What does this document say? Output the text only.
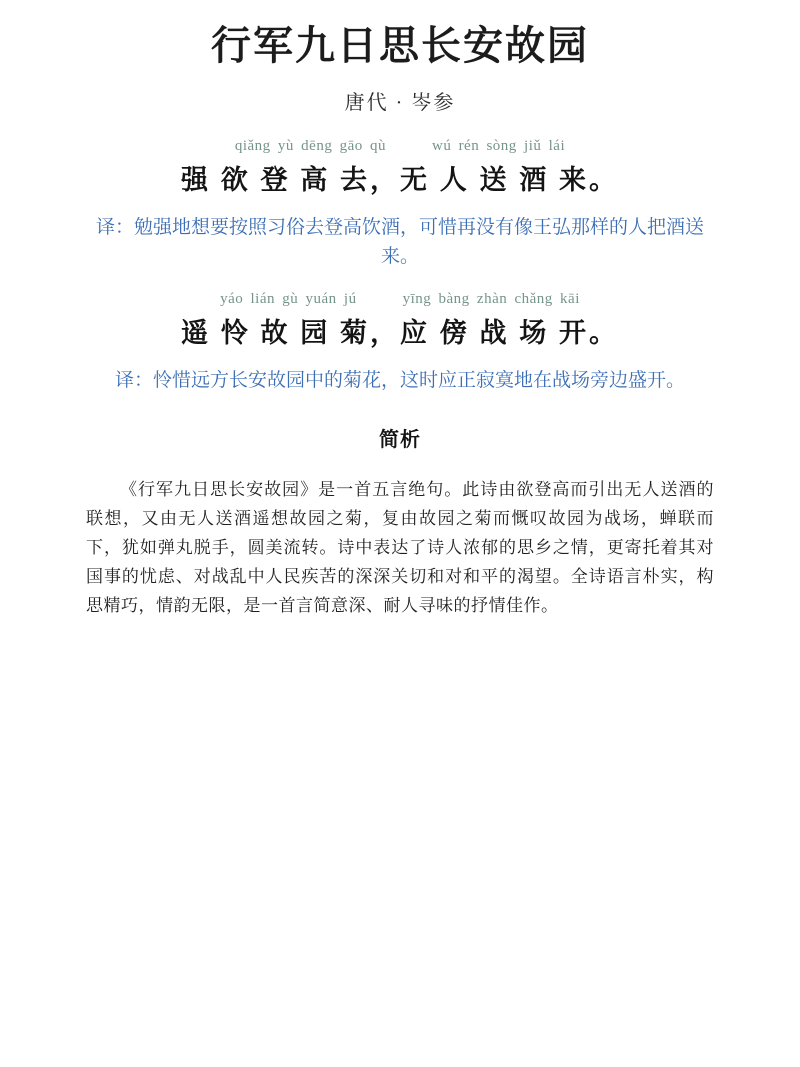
行军九日思长安故园
唐代 · 岑参
qiǎng yù dēng gāo qù	wú rén sòng jiǔ lái
强 欲 登 高 去，无 人 送 酒 来。
译：勉强地想要按照习俗去登高饮酒，可惜再没有像王弘那样的人把酒送来。
yáo lián gù yuán jú	yīng bàng zhàn chǎng kāi
遥 怜 故 园 菊，应 傍 战 场 开。
译：怜惜远方长安故园中的菊花，这时应正寂寞地在战场旁边盛开。
简析

《行军九日思长安故园》是一首五言绝句。此诗由欲登高而引出无人送酒的联想，又由无人送酒遥想故园之菊，复由故园之菊而慨叹故园为战场，蝉联而下，犹如弹丸脱手，圆美流转。诗中表达了诗人浓郁的思乡之情，更寄托着其对国事的忧虑、对战乱中人民疾苦的深深关切和对和平的渴望。全诗语言朴实，构思精巧，情韵无限，是一首言简意深、耐人寻味的抒情佳作。
